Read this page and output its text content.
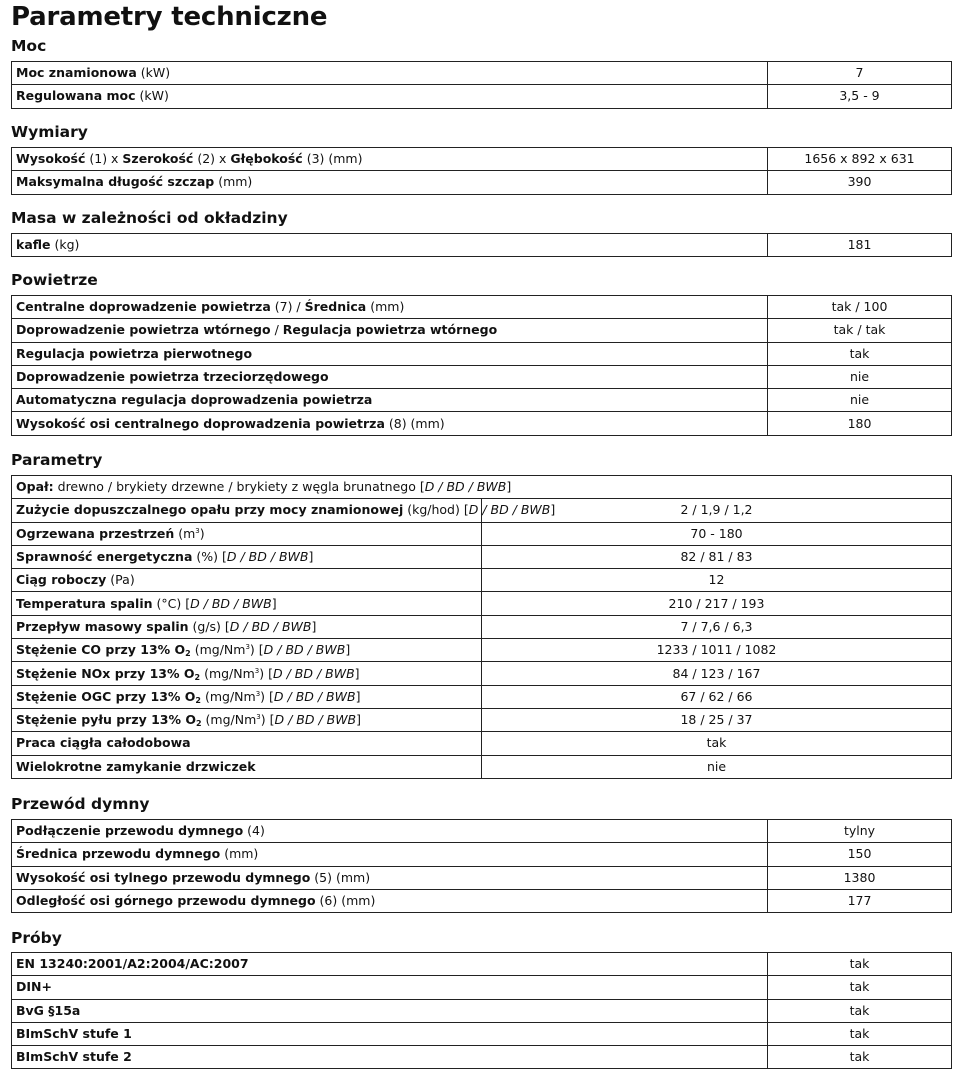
Parametry techniczne
Moc
Moc znamionowa (kW)	7
Regulowana moc (kW)	3,5 - 9
Wymiary
Wysokość (1) x Szerokość (2) x Głębokość (3) (mm)	1656 x 892 x 631
Maksymalna długość szczap (mm)	390
Masa w zależności od okładziny
kafle (kg)	181
Powietrze
Centralne doprowadzenie powietrza (7) / Średnica (mm)	tak / 100
Doprowadzenie powietrza wtórnego / Regulacja powietrza wtórnego	tak / tak
Regulacja powietrza pierwotnego	tak
Doprowadzenie powietrza trzeciorzędowego	nie
Automatyczna regulacja doprowadzenia powietrza	nie
Wysokość osi centralnego doprowadzenia powietrza (8) (mm)	180
Parametry
Opał: drewno / brykiety drzewne / brykiety z węgla brunatnego [D / BD / BWB]	
Zużycie dopuszczalnego opału przy mocy znamionowej (kg/hod) [D / BD / BWB]	2 / 1,9 / 1,2
Ogrzewana przestrzeń $(m^3)$	70 - 180
Sprawność energetyczna (%) [D / BD / BWB]	82 / 81 / 83
Ciąg roboczy (Pa)	12
Temperatura spalin (°C) [D / BD / BWB]	210 / 217 / 193
Przepływ masowy spalin (g/s) [D / BD / BWB]	7 / 7,6 / 6,3
Stężenie CO przy 13% $O_2$ (mg/Nm$^3$) [D / BD / BWB]	1233 / 1011 / 1082
Stężenie NOx przy 13% $O_2$ (mg/Nm$^3$) [D / BD / BWB]	84 / 123 / 167
Stężenie OGC przy 13% $O_2$ (mg/Nm$^3$) [D / BD / BWB]	67 / 62 / 66
Stężenie pyłu przy 13% $O_2$ (mg/Nm$^3$) [D / BD / BWB]	18 / 25 / 37
Praca ciągła całodobowa	tak
Wielokrotne zamykanie drzwiczek	nie
Przewód dymny
Podłączenie przewodu dymnego (4)	tylny
Średnica przewodu dymnego (mm)	150
Wysokość osi tylnego przewodu dymnego (5) (mm)	1380
Odległość osi górnego przewodu dymnego (6) (mm)	177
Próby
EN 13240:2001/A2:2004/AC:2007	tak
DIN+	tak
BvG §15a	tak
BImSchV stufe 1	tak
BImSchV stufe 2	tak
